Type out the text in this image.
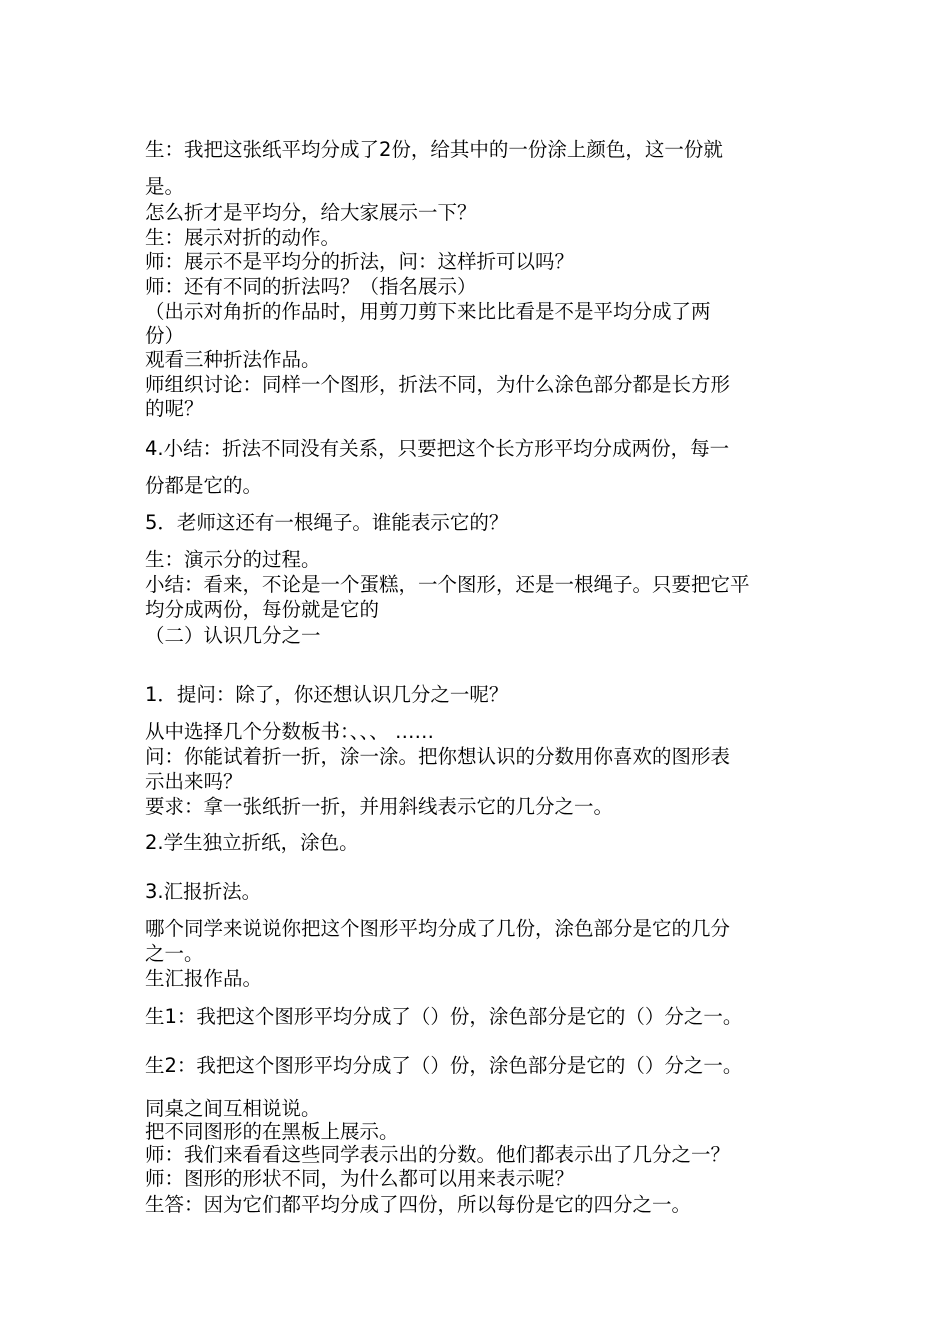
生：我把这张纸平均分成了2份，给其中的一份涂上颜色，这一份就

是。

怎么折才是平均分，给大家展示一下？

生：展示对折的动作。

师：展示不是平均分的折法，问：这样折可以吗？

师：还有不同的折法吗？（指名展示）

（出示对角折的作品时，用剪刀剪下来比比看是不是平均分成了两

份）

观看三种折法作品。

师组织讨论：同样一个图形，折法不同，为什么涂色部分都是长方形

的呢？

4.小结：折法不同没有关系，只要把这个长方形平均分成两份，每一

份都是它的。

5．老师这还有一根绳子。谁能表示它的？

生：演示分的过程。

小结：看来，不论是一个蛋糕，一个图形，还是一根绳子。只要把它平

均分成两份，每份就是它的

（二）认识几分之一

1．提问：除了，你还想认识几分之一呢？

从中选择几个分数板书：、、、 ……

问：你能试着折一折，涂一涂。把你想认识的分数用你喜欢的图形表

示出来吗？

要求：拿一张纸折一折，并用斜线表示它的几分之一。

2.学生独立折纸，涂色。

3.汇报折法。

哪个同学来说说你把这个图形平均分成了几份，涂色部分是它的几分

之一。

生汇报作品。

生1：我把这个图形平均分成了（）份，涂色部分是它的（）分之一。

生2：我把这个图形平均分成了（）份，涂色部分是它的（）分之一。

同桌之间互相说说。

把不同图形的在黑板上展示。

师：我们来看看这些同学表示出的分数。他们都表示出了几分之一？

师：图形的形状不同，为什么都可以用来表示呢？

生答：因为它们都平均分成了四份，所以每份是它的四分之一。
